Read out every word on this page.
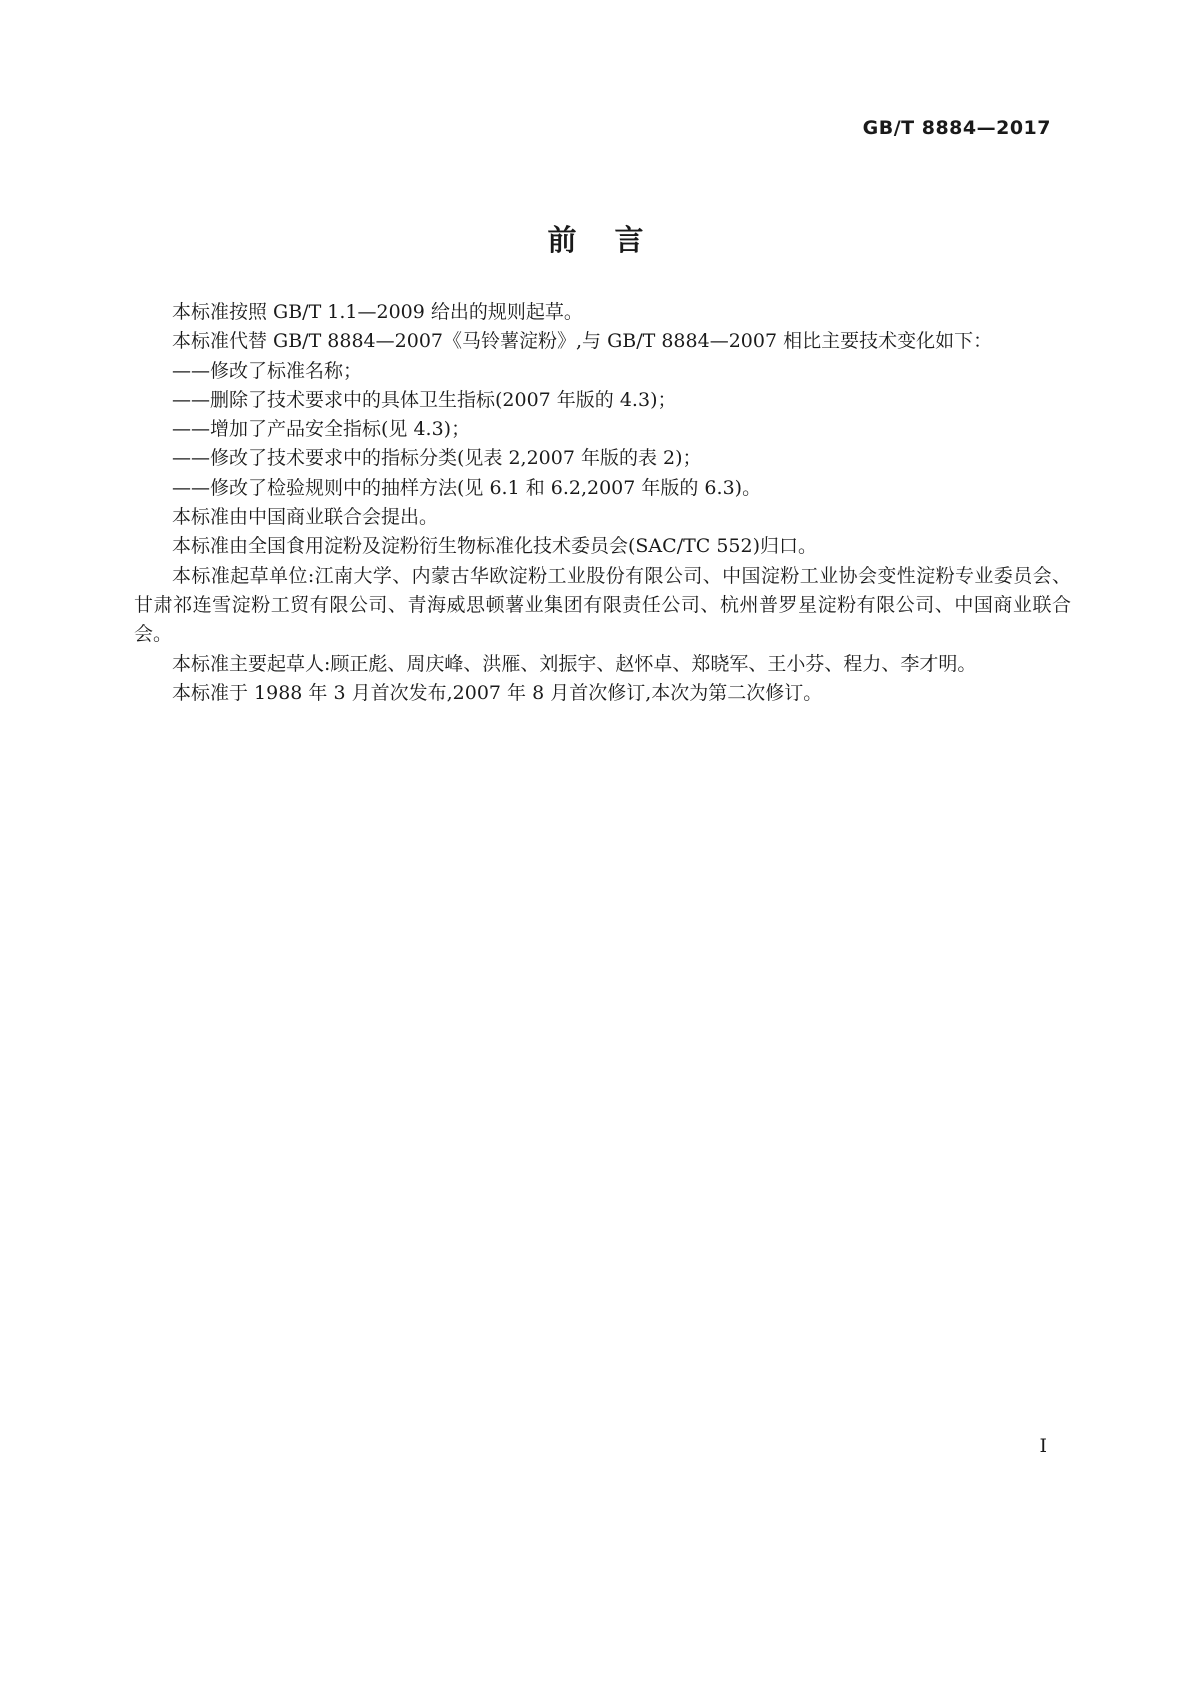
GB/T 8884—2017
前言

本标准按照 GB/T 1.1—2009 给出的规则起草。

本标准代替 GB/T 8884—2007《马铃薯淀粉》,与 GB/T 8884—2007 相比主要技术变化如下：

——修改了标准名称；

——删除了技术要求中的具体卫生指标(2007 年版的 4.3)；

——增加了产品安全指标(见 4.3)；

——修改了技术要求中的指标分类(见表 2,2007 年版的表 2)；

——修改了检验规则中的抽样方法(见 6.1 和 6.2,2007 年版的 6.3)。

本标准由中国商业联合会提出。

本标准由全国食用淀粉及淀粉衍生物标准化技术委员会(SAC/TC 552)归口。

本标准起草单位:江南大学、内蒙古华欧淀粉工业股份有限公司、中国淀粉工业协会变性淀粉专业委员会、甘肃祁连雪淀粉工贸有限公司、青海威思顿薯业集团有限责任公司、杭州普罗星淀粉有限公司、中国商业联合会。

本标准主要起草人:顾正彪、周庆峰、洪雁、刘振宇、赵怀卓、郑晓军、王小芬、程力、李才明。

本标准于 1988 年 3 月首次发布,2007 年 8 月首次修订,本次为第二次修订。

I
